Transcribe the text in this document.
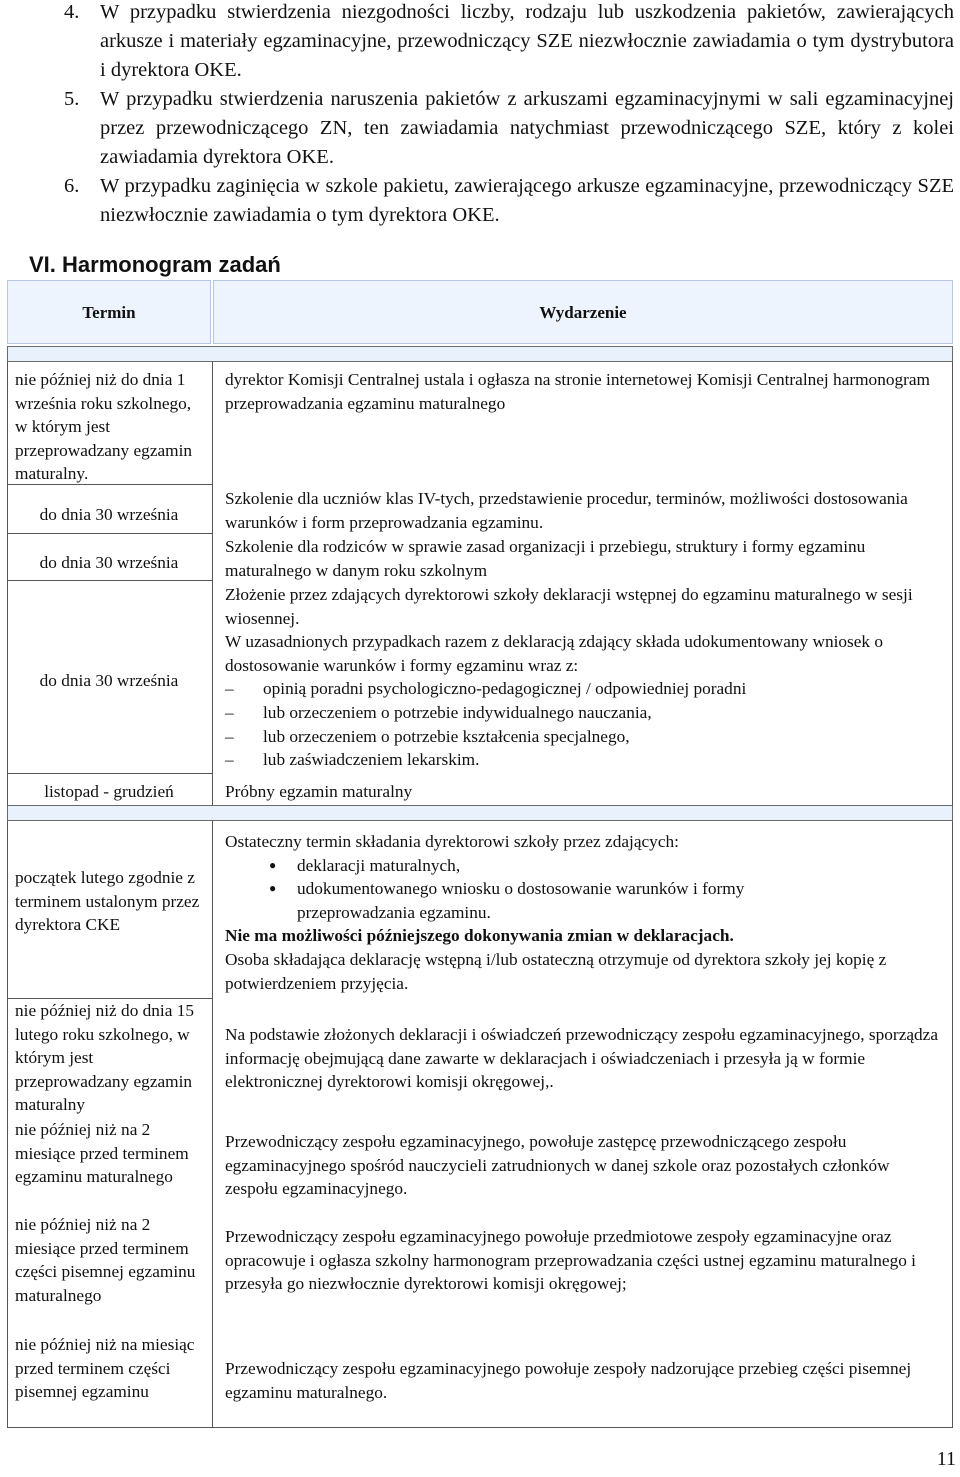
4. W przypadku stwierdzenia niezgodności liczby, rodzaju lub uszkodzenia pakietów, zawierających arkusze i materiały egzaminacyjne, przewodniczący SZE niezwłocznie zawiadamia o tym dystrybutora i dyrektora OKE.
5. W przypadku stwierdzenia naruszenia pakietów z arkuszami egzaminacyjnymi w sali egzaminacyjnej przez przewodniczącego ZN, ten zawiadamia natychmiast przewodniczącego SZE, który z kolei zawiadamia dyrektora OKE.
6. W przypadku zaginięcia w szkole pakietu, zawierającego arkusze egzaminacyjne, przewodniczący SZE niezwłocznie zawiadamia o tym dyrektora OKE.
VI. Harmonogram zadań
Termin	Wydarzenie
nie później niż do dnia 1 września roku szkolnego, w którym jest przeprowadzany egzamin maturalny.
dyrektor Komisji Centralnej ustala i ogłasza na stronie internetowej Komisji Centralnej harmonogram przeprowadzania egzaminu maturalnego
do dnia 30 września
Szkolenie dla uczniów klas IV-tych, przedstawienie procedur, terminów, możliwości dostosowania warunków i form przeprowadzania egzaminu.
do dnia 30 września
Szkolenie dla rodziców w sprawie zasad organizacji i przebiegu, struktury i formy egzaminu maturalnego w danym roku szkolnym
do dnia 30 września
Złożenie przez zdających dyrektorowi szkoły deklaracji wstępnej do egzaminu maturalnego w sesji wiosennej.
W uzasadnionych przypadkach razem z deklaracją zdający składa udokumentowany wniosek o dostosowanie warunków i formy egzaminu wraz z:
– opinią poradni psychologiczno-pedagogicznej / odpowiedniej poradni
– lub orzeczeniem o potrzebie indywidualnego nauczania,
– lub orzeczeniem o potrzebie kształcenia specjalnego,
– lub zaświadczeniem lekarskim.
listopad - grudzień	Próbny egzamin maturalny
początek lutego zgodnie z terminem ustalonym przez dyrektora CKE
Ostateczny termin składania dyrektorowi szkoły przez zdających:
● deklaracji maturalnych,
● udokumentowanego wniosku o dostosowanie warunków i formy przeprowadzania egzaminu.
Nie ma możliwości późniejszego dokonywania zmian w deklaracjach.
Osoba składająca deklarację wstępną i/lub ostateczną otrzymuje od dyrektora szkoły jej kopię z potwierdzeniem przyjęcia.
nie później niż do dnia 15 lutego roku szkolnego, w którym jest przeprowadzany egzamin maturalny
Na podstawie złożonych deklaracji i oświadczeń przewodniczący zespołu egzaminacyjnego, sporządza informację obejmującą dane zawarte w deklaracjach i oświadczeniach i przesyła ją w formie elektronicznej dyrektorowi komisji okręgowej,.
nie później niż na 2 miesiące przed terminem egzaminu maturalnego
Przewodniczący zespołu egzaminacyjnego, powołuje zastępcę przewodniczącego zespołu egzaminacyjnego spośród nauczycieli zatrudnionych w danej szkole oraz pozostałych członków zespołu egzaminacyjnego.
nie później niż na 2 miesiące przed terminem części pisemnej egzaminu maturalnego
Przewodniczący zespołu egzaminacyjnego powołuje przedmiotowe zespoły egzaminacyjne oraz opracowuje i ogłasza szkolny harmonogram przeprowadzania części ustnej egzaminu maturalnego i przesyła go niezwłocznie dyrektorowi komisji okręgowej;
nie później niż na miesiąc przed terminem części pisemnej egzaminu
Przewodniczący zespołu egzaminacyjnego powołuje zespoły nadzorujące przebieg części pisemnej egzaminu maturalnego.
11
